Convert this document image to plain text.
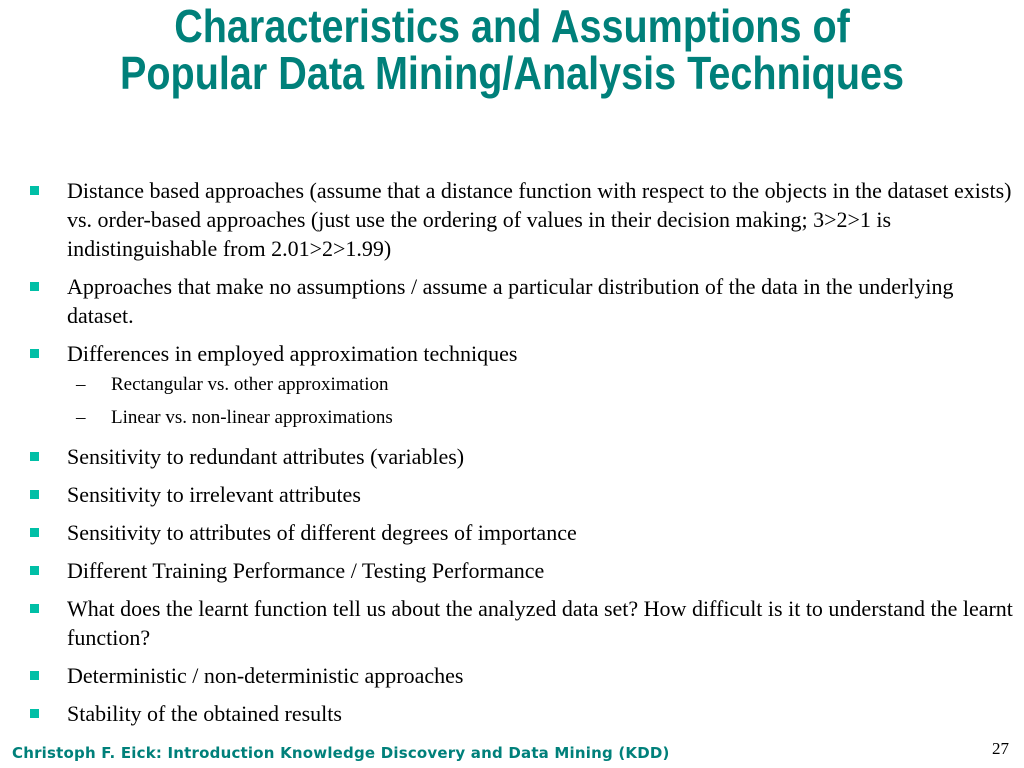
Characteristics and Assumptions of
Popular Data Mining/Analysis Techniques
Distance based approaches (assume that a distance function with respect to the objects in the dataset exists) vs. order-based approaches (just use the ordering of values in their decision making; 3>2>1 is indistinguishable from 2.01>2>1.99)
Approaches that make no assumptions / assume a particular distribution of the data in the underlying dataset.
Differences in employed approximation techniques
– Rectangular vs. other approximation
– Linear vs. non-linear approximations
Sensitivity to redundant attributes (variables)
Sensitivity to irrelevant attributes
Sensitivity to attributes of different degrees of importance
Different Training Performance / Testing Performance
What does the learnt function tell us about the analyzed data set? How difficult is it to understand the learnt function?
Deterministic / non-deterministic approaches
Stability of the obtained results
Christoph F. Eick: Introduction Knowledge Discovery and Data Mining (KDD)	27
